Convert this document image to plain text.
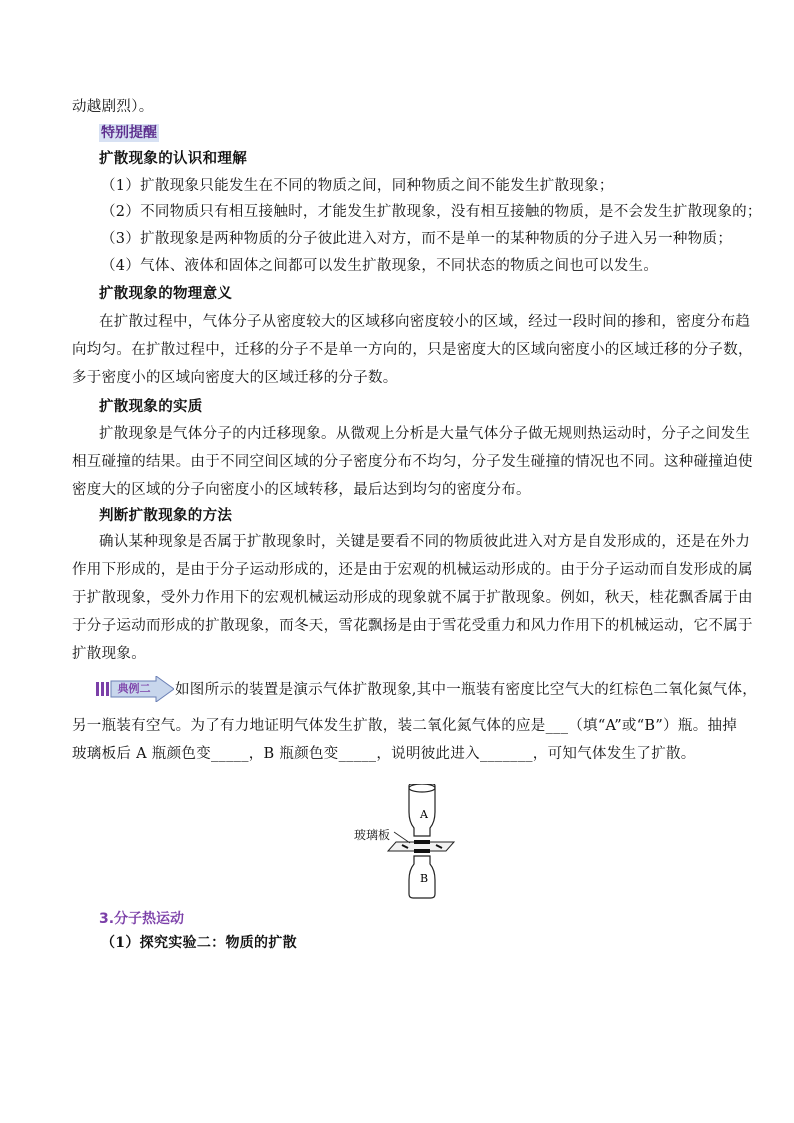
动越剧烈）。
特别提醒
扩散现象的认识和理解
（1）扩散现象只能发生在不同的物质之间，同种物质之间不能发生扩散现象；
（2）不同物质只有相互接触时，才能发生扩散现象，没有相互接触的物质，是不会发生扩散现象的；
（3）扩散现象是两种物质的分子彼此进入对方，而不是单一的某种物质的分子进入另一种物质；
（4）气体、液体和固体之间都可以发生扩散现象，不同状态的物质之间也可以发生。
扩散现象的物理意义
在扩散过程中，气体分子从密度较大的区域移向密度较小的区域，经过一段时间的掺和，密度分布趋
向均匀。在扩散过程中，迁移的分子不是单一方向的，只是密度大的区域向密度小的区域迁移的分子数，
多于密度小的区域向密度大的区域迁移的分子数。
扩散现象的实质
扩散现象是气体分子的内迁移现象。从微观上分析是大量气体分子做无规则热运动时，分子之间发生
相互碰撞的结果。由于不同空间区域的分子密度分布不均匀，分子发生碰撞的情况也不同。这种碰撞迫使
密度大的区域的分子向密度小的区域转移，最后达到均匀的密度分布。
判断扩散现象的方法
确认某种现象是否属于扩散现象时，关键是要看不同的物质彼此进入对方是自发形成的，还是在外力
作用下形成的，是由于分子运动形成的，还是由于宏观的机械运动形成的。由于分子运动而自发形成的属
于扩散现象，受外力作用下的宏观机械运动形成的现象就不属于扩散现象。例如，秋天，桂花飘香属于由
于分子运动而形成的扩散现象，而冬天，雪花飘扬是由于雪花受重力和风力作用下的机械运动，它不属于
扩散现象。
典例二 如图所示的装置是演示气体扩散现象,其中一瓶装有密度比空气大的红棕色二氧化氮气体，
另一瓶装有空气。为了有力地证明气体发生扩散，装二氧化氮气体的应是___（填“A”或“B”）瓶。抽掉
玻璃板后 A 瓶颜色变_____，B 瓶颜色变_____，说明彼此进入_______，可知气体发生了扩散。
A
B
玻璃板
3.分子热运动
（1）探究实验二：物质的扩散
